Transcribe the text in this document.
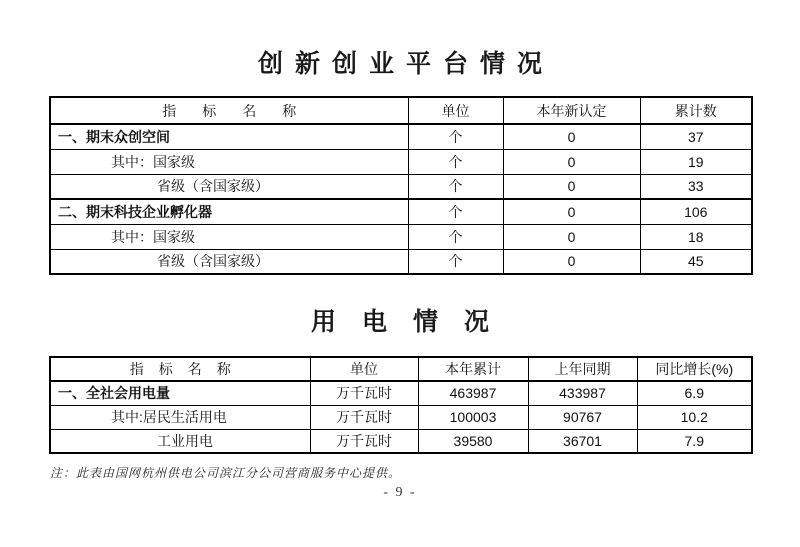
创新创业平台情况
指标名称	单位	本年新认定	累计数
一、期末众创空间	个	0	37
其中：国家级	个	0	19
省级（含国家级）	个	0	33
二、期末科技企业孵化器	个	0	106
其中：国家级	个	0	18
省级（含国家级）	个	0	45
用电情况
指标名称	单位	本年累计	上年同期	同比增长(%)
一、全社会用电量	万千瓦时	463987	433987	6.9
其中:居民生活用电	万千瓦时	100003	90767	10.2
工业用电	万千瓦时	39580	36701	7.9
注：此表由国网杭州供电公司滨江分公司营商服务中心提供。
- 9 -
